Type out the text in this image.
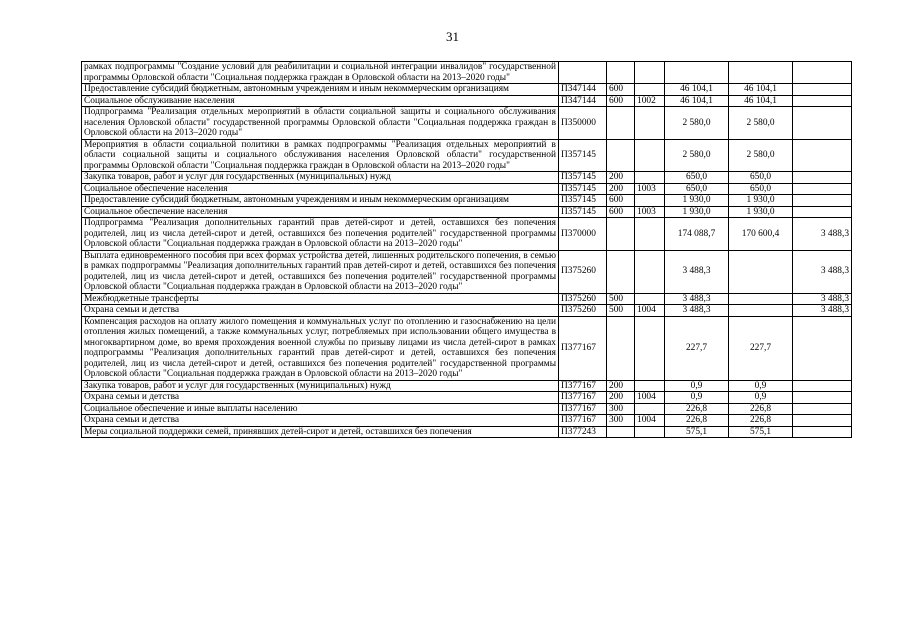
31
рамках подпрограммы "Создание условий для реабилитации и социальной интеграции инвалидов" государственной программы Орловской области "Социальная поддержка граждан в Орловской области на 2013–2020 годы"						
Предоставление субсидий бюджетным, автономным учреждениям и иным некоммерческим организациям	П347144	600		46 104,1	46 104,1	
Социальное обслуживание населения	П347144	600	1002	46 104,1	46 104,1	
Подпрограмма "Реализация отдельных мероприятий в области социальной защиты и социального обслуживания населения Орловской области" государственной программы Орловской области "Социальная поддержка граждан в Орловской области на 2013–2020 годы"	П350000			2 580,0	2 580,0	
Мероприятия в области социальной политики в рамках подпрограммы "Реализация отдельных мероприятий в области социальной защиты и социального обслуживания населения Орловской области" государственной программы Орловской области "Социальная поддержка граждан в Орловской области на 2013–2020 годы"	П357145			2 580,0	2 580,0	
Закупка товаров, работ и услуг для государственных (муниципальных) нужд	П357145	200		650,0	650,0	
Социальное обеспечение населения	П357145	200	1003	650,0	650,0	
Предоставление субсидий бюджетным, автономным учреждениям и иным некоммерческим организациям	П357145	600		1 930,0	1 930,0	
Социальное обеспечение населения	П357145	600	1003	1 930,0	1 930,0	
Подпрограмма "Реализация дополнительных гарантий прав детей-сирот и детей, оставшихся без попечения родителей, лиц из числа детей-сирот и детей, оставшихся без попечения родителей" государственной программы Орловской области "Социальная поддержка граждан в Орловской области на 2013–2020 годы"	П370000			174 088,7	170 600,4	3 488,3
Выплата единовременного пособия при всех формах устройства детей, лишенных родительского попечения, в семью в рамках подпрограммы "Реализация дополнительных гарантий прав детей-сирот и детей, оставшихся без попечения родителей, лиц из числа детей-сирот и детей, оставшихся без попечения родителей" государственной программы Орловской области "Социальная поддержка граждан в Орловской области на 2013–2020 годы"	П375260			3 488,3		3 488,3
Межбюджетные трансферты	П375260	500		3 488,3		3 488,3
Охрана семьи и детства	П375260	500	1004	3 488,3		3 488,3
Компенсация расходов на оплату жилого помещения и коммунальных услуг по отоплению и газоснабжению на цели отопления жилых помещений, а также коммунальных услуг, потребляемых при использовании общего имущества в многоквартирном доме, во время прохождения военной службы по призыву лицами из числа детей-сирот в рамках подпрограммы "Реализация дополнительных гарантий прав детей-сирот и детей, оставшихся без попечения родителей, лиц из числа детей-сирот и детей, оставшихся без попечения родителей" государственной программы Орловской области "Социальная поддержка граждан в Орловской области на 2013–2020 годы"	П377167			227,7	227,7	
Закупка товаров, работ и услуг для государственных (муниципальных) нужд	П377167	200		0,9	0,9	
Охрана семьи и детства	П377167	200	1004	0,9	0,9	
Социальное обеспечение и иные выплаты населению	П377167	300		226,8	226,8	
Охрана семьи и детства	П377167	300	1004	226,8	226,8	
Меры социальной поддержки семей, принявших детей-сирот и детей, оставшихся без попечения	П377243			575,1	575,1	
